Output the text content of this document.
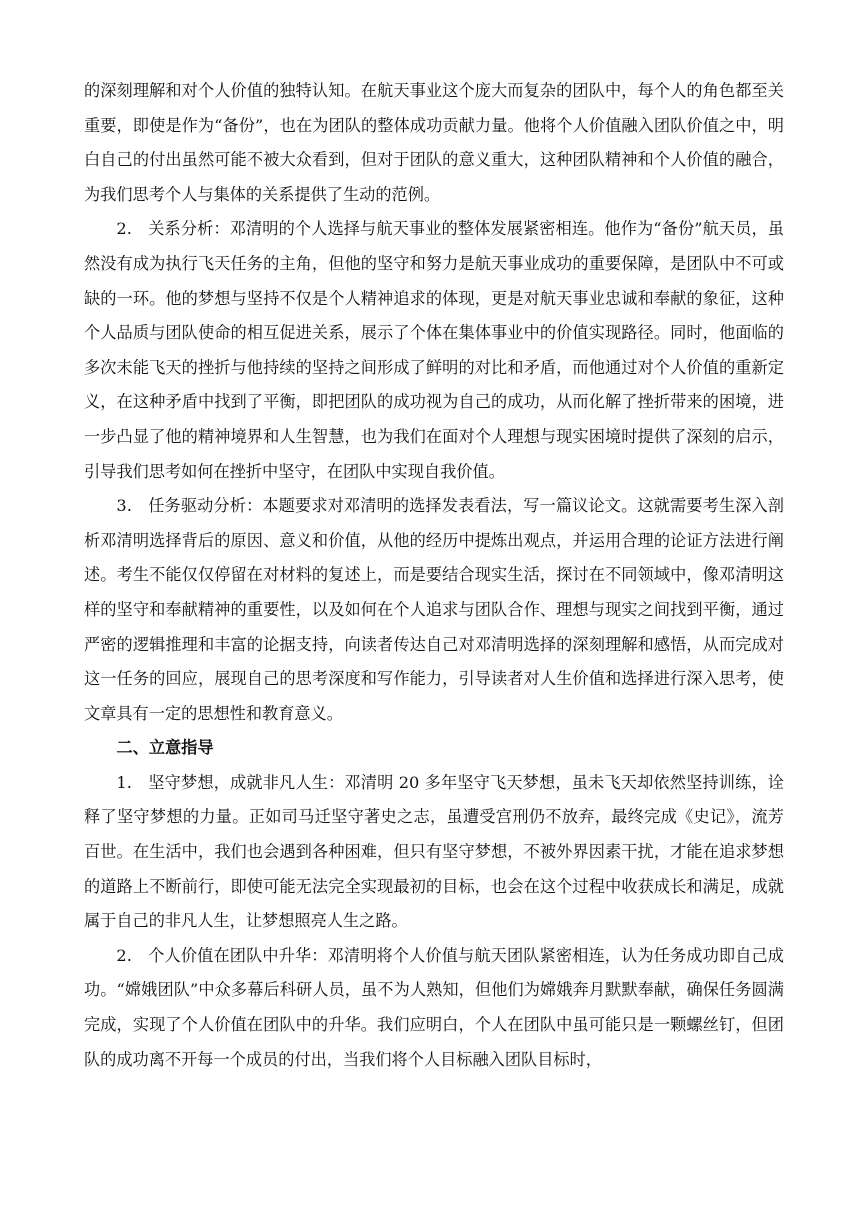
的深刻理解和对个人价值的独特认知。在航天事业这个庞大而复杂的团队中，每个人的角色都至关重要，即使是作为“备份”，也在为团队的整体成功贡献力量。他将个人价值融入团队价值之中，明白自己的付出虽然可能不被大众看到，但对于团队的意义重大，这种团队精神和个人价值的融合，为我们思考个人与集体的关系提供了生动的范例。

2.　关系分析：邓清明的个人选择与航天事业的整体发展紧密相连。他作为“备份”航天员，虽然没有成为执行飞天任务的主角，但他的坚守和努力是航天事业成功的重要保障，是团队中不可或缺的一环。他的梦想与坚持不仅是个人精神追求的体现，更是对航天事业忠诚和奉献的象征，这种个人品质与团队使命的相互促进关系，展示了个体在集体事业中的价值实现路径。同时，他面临的多次未能飞天的挫折与他持续的坚持之间形成了鲜明的对比和矛盾，而他通过对个人价值的重新定义，在这种矛盾中找到了平衡，即把团队的成功视为自己的成功，从而化解了挫折带来的困境，进一步凸显了他的精神境界和人生智慧，也为我们在面对个人理想与现实困境时提供了深刻的启示，引导我们思考如何在挫折中坚守，在团队中实现自我价值。

3.　任务驱动分析：本题要求对邓清明的选择发表看法，写一篇议论文。这就需要考生深入剖析邓清明选择背后的原因、意义和价值，从他的经历中提炼出观点，并运用合理的论证方法进行阐述。考生不能仅仅停留在对材料的复述上，而是要结合现实生活，探讨在不同领域中，像邓清明这样的坚守和奉献精神的重要性，以及如何在个人追求与团队合作、理想与现实之间找到平衡，通过严密的逻辑推理和丰富的论据支持，向读者传达自己对邓清明选择的深刻理解和感悟，从而完成对这一任务的回应，展现自己的思考深度和写作能力，引导读者对人生价值和选择进行深入思考，使文章具有一定的思想性和教育意义。

二、立意指导

1.　坚守梦想，成就非凡人生：邓清明 20 多年坚守飞天梦想，虽未飞天却依然坚持训练，诠释了坚守梦想的力量。正如司马迁坚守著史之志，虽遭受宫刑仍不放弃，最终完成《史记》，流芳百世。在生活中，我们也会遇到各种困难，但只有坚守梦想，不被外界因素干扰，才能在追求梦想的道路上不断前行，即使可能无法完全实现最初的目标，也会在这个过程中收获成长和满足，成就属于自己的非凡人生，让梦想照亮人生之路。

2.　个人价值在团队中升华：邓清明将个人价值与航天团队紧密相连，认为任务成功即自己成功。“嫦娥团队”中众多幕后科研人员，虽不为人熟知，但他们为嫦娥奔月默默奉献，确保任务圆满完成，实现了个人价值在团队中的升华。我们应明白，个人在团队中虽可能只是一颗螺丝钉，但团队的成功离不开每一个成员的付出，当我们将个人目标融入团队目标时，
